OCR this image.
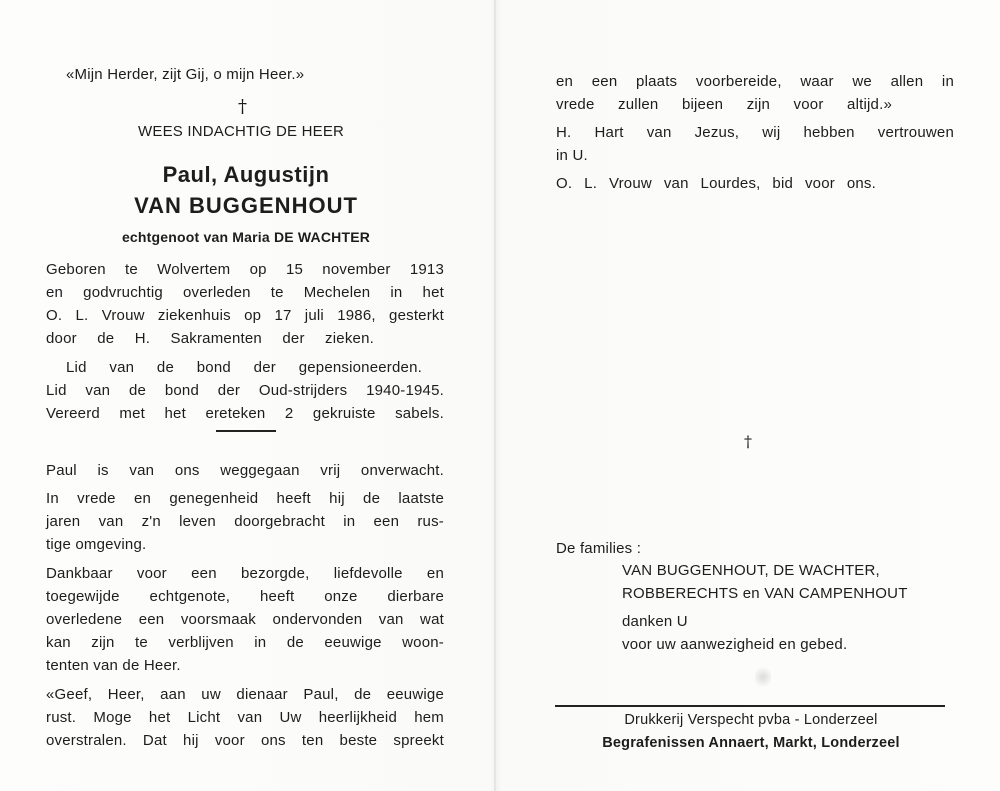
«Mijn Herder, zijt Gij, o mijn Heer.»
†
WEES INDACHTIG DE HEER
Paul, Augustijn
VAN BUGGENHOUT
echtgenoot van Maria DE WACHTER
Geboren te Wolvertem op 15 november 1913
en godvruchtig overleden te Mechelen in het
O. L. Vrouw ziekenhuis op 17 juli 1986, gesterkt
door de H. Sakramenten der zieken.
Lid van de bond der gepensioneerden.
Lid van de bond der Oud-strijders 1940-1945.
Vereerd met het ereteken 2 gekruiste sabels.
Paul is van ons weggegaan vrij onverwacht.
In vrede en genegenheid heeft hij de laatste
jaren van z'n leven doorgebracht in een rus-
tige omgeving.
Dankbaar voor een bezorgde, liefdevolle en
toegewijde echtgenote, heeft onze dierbare
overledene een voorsmaak ondervonden van wat
kan zijn te verblijven in de eeuwige woon-
tenten van de Heer.
«Geef, Heer, aan uw dienaar Paul, de eeuwige
rust. Moge het Licht van Uw heerlijkheid hem
overstralen. Dat hij voor ons ten beste spreekt
en een plaats voorbereide, waar we allen in
vrede zullen bijeen zijn voor altijd.»
H. Hart van Jezus, wij hebben vertrouwen
in U.
O. L. Vrouw van Lourdes, bid voor ons.
†
De families :
VAN BUGGENHOUT, DE WACHTER,
ROBBERECHTS en VAN CAMPENHOUT
danken U
voor uw aanwezigheid en gebed.
Drukkerij Verspecht pvba - Londerzeel
Begrafenissen Annaert, Markt, Londerzeel
